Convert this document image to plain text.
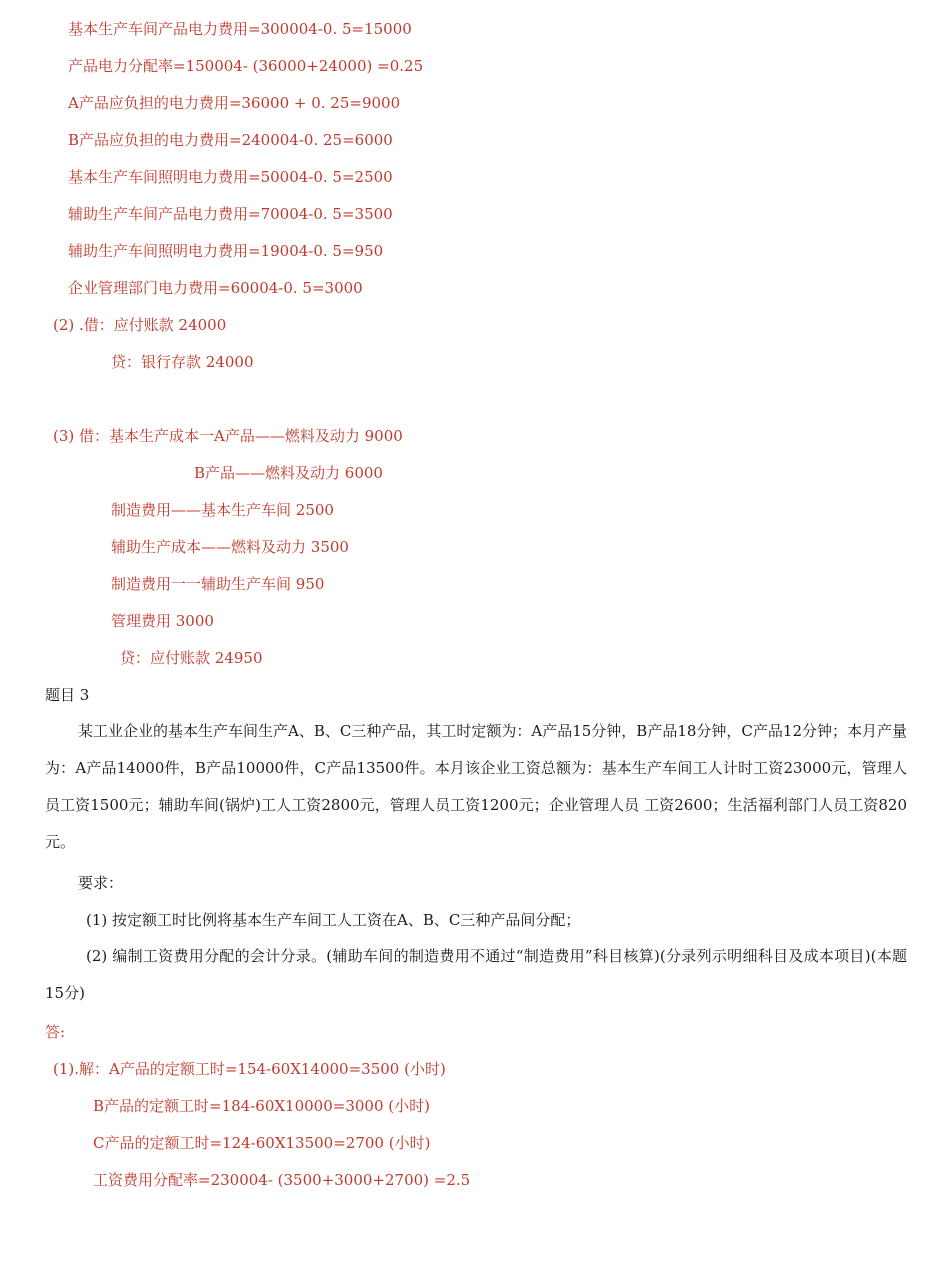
基本生产车间产品电力费用=300004-0. 5=15000

产品电力分配率=150004- (36000+24000) =0.25

A产品应负担的电力费用=36000 + 0. 25=9000

B产品应负担的电力费用=240004-0. 25=6000

基本生产车间照明电力费用=50004-0. 5=2500

辅助生产车间产品电力费用=70004-0. 5=3500

辅助生产车间照明电力费用=19004-0. 5=950

企业管理部门电力费用=60004-0. 5=3000

(2) .借：应付账款 24000

贷：银行存款 24000

(3) 借：基本生产成本一A产品——燃料及动力 9000

B产品——燃料及动力 6000

制造费用——基本生产车间 2500

辅助生产成本——燃料及动力 3500

制造费用一一辅助生产车间 950

管理费用 3000

贷：应付账款 24950

题目 3

某工业企业的基本生产车间生产A、B、C三种产品，其工时定额为：A产品15分钟，B产品18分钟，C产品12分钟；本月产量为：A产品14000件，B产品10000件，C产品13500件。本月该企业工资总额为：基本生产车间工人计时工资23000元，管理人员工资1500元；辅助车间(锅炉)工人工资2800元，管理人员工资1200元；企业管理人员 工资2600；生活福利部门人员工资820元。

要求：

(1) 按定额工时比例将基本生产车间工人工资在A、B、C三种产品间分配；

(2) 编制工资费用分配的会计分录。(辅助车间的制造费用不通过“制造费用”科目核算)(分录列示明细科目及成本项目)(本题15分)

答:

(1).解：A产品的定额工时=154-60X14000=3500 (小时)

B产品的定额工时=184-60X10000=3000 (小时)

C产品的定额工时=124-60X13500=2700 (小时)

工资费用分配率=230004- (3500+3000+2700) =2.5
